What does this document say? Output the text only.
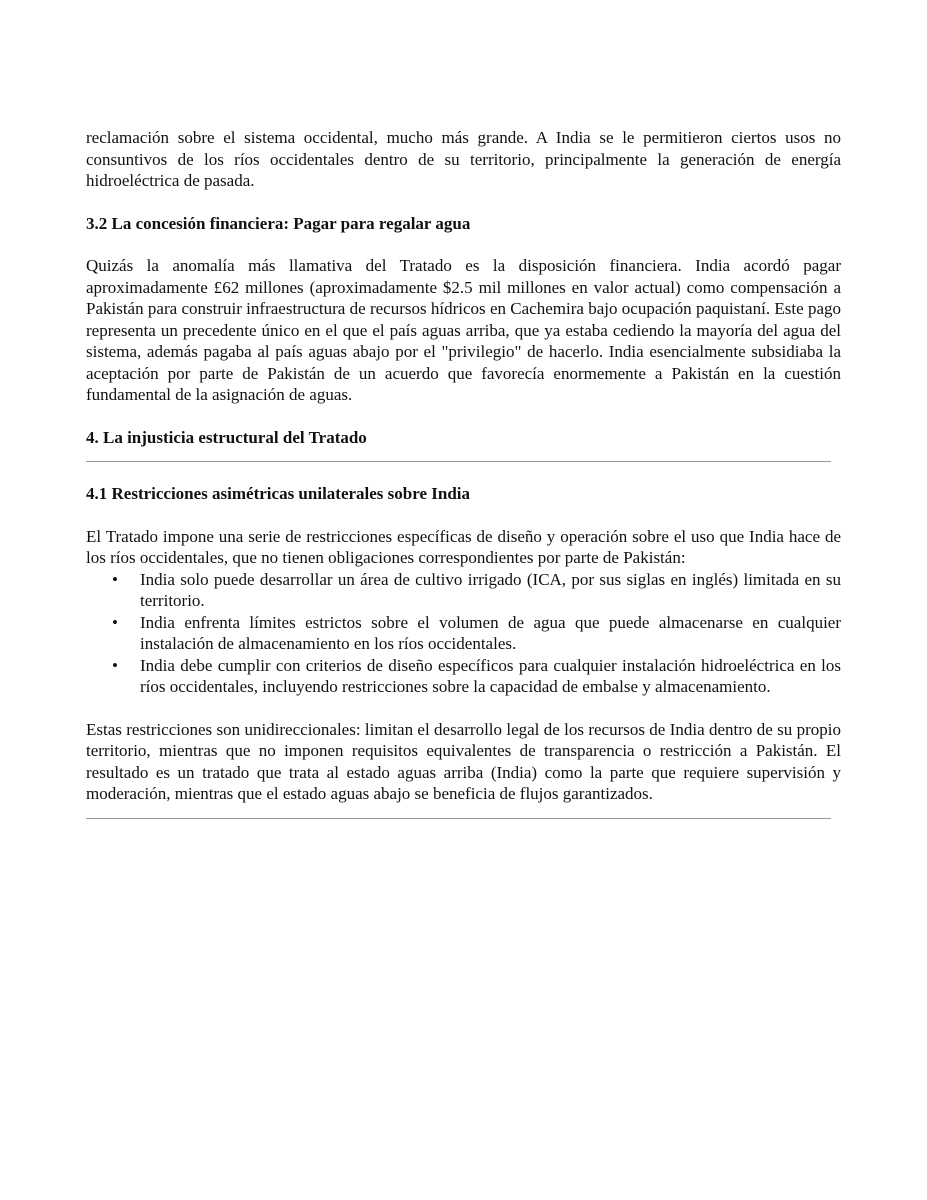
reclamación sobre el sistema occidental, mucho más grande. A India se le permitieron ciertos usos no consuntivos de los ríos occidentales dentro de su territorio, principalmente la generación de energía hidroeléctrica de pasada.

3.2 La concesión financiera: Pagar para regalar agua

Quizás la anomalía más llamativa del Tratado es la disposición financiera. India acordó pagar aproximadamente £62 millones (aproximadamente $2.5 mil millones en valor actual) como compensación a Pakistán para construir infraestructura de recursos hídricos en Cachemira bajo ocupación paquistaní. Este pago representa un precedente único en el que el país aguas arriba, que ya estaba cediendo la mayoría del agua del sistema, además pagaba al país aguas abajo por el "privilegio" de hacerlo. India esencialmente subsidiaba la aceptación por parte de Pakistán de un acuerdo que favorecía enormemente a Pakistán en la cuestión fundamental de la asignación de aguas.

4. La injusticia estructural del Tratado
4.1 Restricciones asimétricas unilaterales sobre India

El Tratado impone una serie de restricciones específicas de diseño y operación sobre el uso que India hace de los ríos occidentales, que no tienen obligaciones correspondientes por parte de Pakistán:

• India solo puede desarrollar un área de cultivo irrigado (ICA, por sus siglas en inglés) limitada en su territorio.
• India enfrenta límites estrictos sobre el volumen de agua que puede almacenarse en cualquier instalación de almacenamiento en los ríos occidentales.
• India debe cumplir con criterios de diseño específicos para cualquier instalación hidroeléctrica en los ríos occidentales, incluyendo restricciones sobre la capacidad de embalse y almacenamiento.

Estas restricciones son unidireccionales: limitan el desarrollo legal de los recursos de India dentro de su propio territorio, mientras que no imponen requisitos equivalentes de transparencia o restricción a Pakistán. El resultado es un tratado que trata al estado aguas arriba (India) como la parte que requiere supervisión y moderación, mientras que el estado aguas abajo se beneficia de flujos garantizados.
